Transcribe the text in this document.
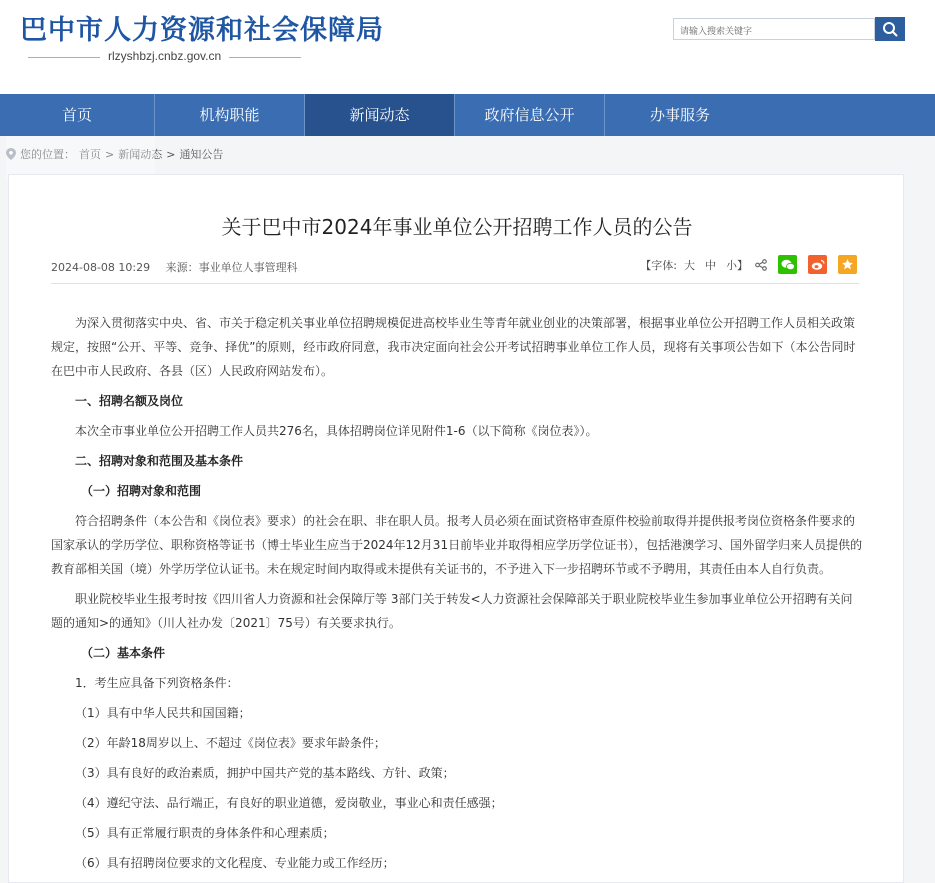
巴中市人力资源和社会保障局
rlzyshbzj.cnbz.gov.cn
请输入搜索关键字
首页	机构职能	新闻动态	政府信息公开	办事服务
您的位置： 首页 > 新闻动态 > 通知公告
关于巴中市2024年事业单位公开招聘工作人员的公告
2024-08-08 10:29 来源：事业单位人事管理科	【字体: 大 中 小】

为深入贯彻落实中央、省、市关于稳定机关事业单位招聘规模促进高校毕业生等青年就业创业的决策部署，根据事业单位公开招聘工作人员相关政策规定，按照“公开、平等、竞争、择优”的原则，经市政府同意，我市决定面向社会公开考试招聘事业单位工作人员，现将有关事项公告如下（本公告同时在巴中市人民政府、各县（区）人民政府网站发布）。

一、招聘名额及岗位

本次全市事业单位公开招聘工作人员共276名，具体招聘岗位详见附件1-6（以下简称《岗位表》）。

二、招聘对象和范围及基本条件

（一）招聘对象和范围

符合招聘条件（本公告和《岗位表》要求）的社会在职、非在职人员。报考人员必须在面试资格审查原件校验前取得并提供报考岗位资格条件要求的国家承认的学历学位、职称资格等证书（博士毕业生应当于2024年12月31日前毕业并取得相应学历学位证书），包括港澳学习、国外留学归来人员提供的教育部相关国（境）外学历学位认证书。未在规定时间内取得或未提供有关证书的，不予进入下一步招聘环节或不予聘用，其责任由本人自行负责。

职业院校毕业生报考时按《四川省人力资源和社会保障厅等 3部门关于转发<人力资源社会保障部关于职业院校毕业生参加事业单位公开招聘有关问题的通知>的通知》（川人社办发〔2021〕75号）有关要求执行。

（二）基本条件

1．考生应具备下列资格条件：

（1）具有中华人民共和国国籍；

（2）年龄18周岁以上、不超过《岗位表》要求年龄条件；

（3）具有良好的政治素质，拥护中国共产党的基本路线、方针、政策；

（4）遵纪守法、品行端正，有良好的职业道德，爱岗敬业，事业心和责任感强；

（5）具有正常履行职责的身体条件和心理素质；

（6）具有招聘岗位要求的文化程度、专业能力或工作经历；
